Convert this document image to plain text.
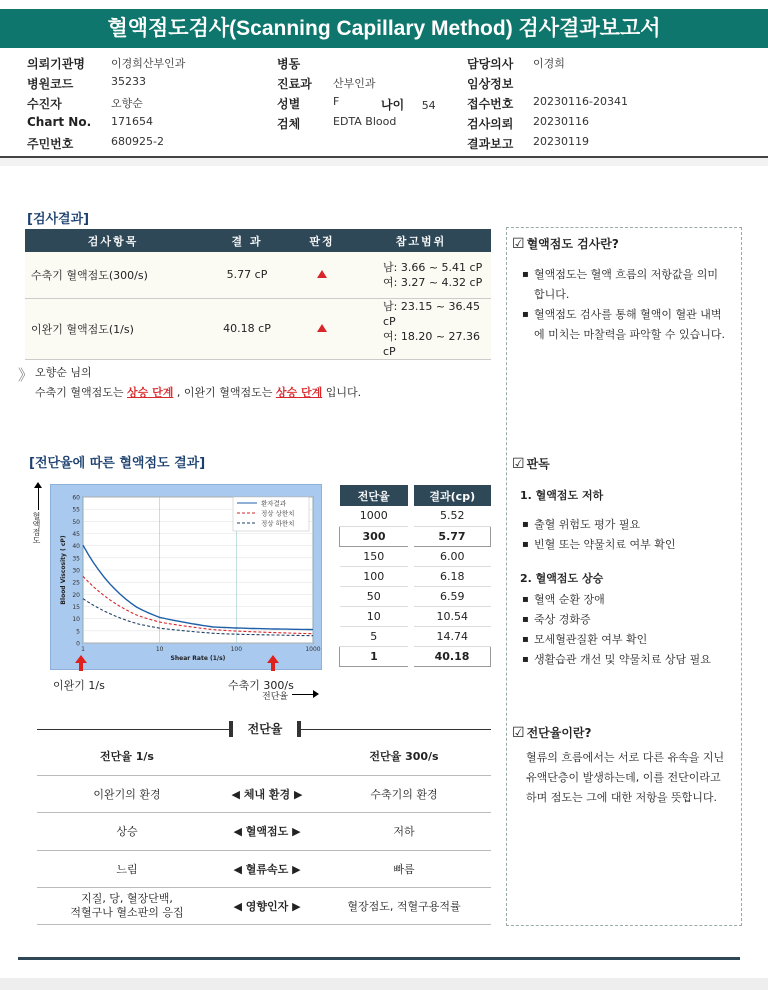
혈액점도검사(Scanning Capillary Method) 검사결과보고서
의뢰기관명	이경희산부인과
병원코드	35233
수진자	오향순
Chart No.	171654
주민번호	680925-2
병동
진료과	산부인과
성별	F
검체	EDTA Blood
나이 54
담당의사	이경희
임상정보
접수번호	20230116-20341
검사의뢰	20230116
결과보고	20230119
[검사결과]
검사항목	결 과	판정	참고범위
수축기 혈액점도(300/s)	5.77 cP		남: 3.66 ~ 5.41 cP
여: 3.27 ~ 4.32 cP

이완기 혈액점도(1/s)	40.18 cP		남: 23.15 ~ 36.45 cP
여: 18.20 ~ 27.36 cP
》 오향순 님의
수축기 혈액점도는 상승 단계 , 이완기 혈액점도는 상승 단계 입니다.
[전단율에 따른 혈액점도 결과]
혈액점도
0
5
10
15
20
25
30
35
40
45
50
55
60
1	10	100	1000
Shear Rate (1/s)
Blood Viscosity ( cP)
환자결과
정상 상한치
정상 하한치
이완기 1/s	수축기 300/s
전단율
전단율	결과(cp)
1000	5.52
300	5.77
150	6.00
100	6.18
50	6.59
10	10.54
5	14.74
1	40.18
전단율
전단율 1/s	전단율 300/s
이완기의 환경	◀ 체내 환경 ▶	수축기의 환경
상승	◀ 혈액점도 ▶	저하
느림	◀ 혈류속도 ▶	빠름
지질, 당, 혈장단백,
적혈구나 혈소판의 응집	◀ 영향인자 ▶	혈장점도, 적혈구용적률
☑ 혈액점도 검사란?
▪ 혈액점도는 혈액 흐름의 저항값을 의미합니다.
▪ 혈액점도 검사를 통해 혈액이 혈관 내벽에 미치는 마찰력을 파악할 수 있습니다.
☑ 판독
1. 혈액점도 저하
▪ 출혈 위험도 평가 필요
▪ 빈혈 또는 약물치료 여부 확인
2. 혈액점도 상승
▪ 혈액 순환 장애
▪ 죽상 경화증
▪ 모세혈관질환 여부 확인
▪ 생활습관 개선 및 약물치료 상담 필요
☑ 전단율이란?
혈류의 흐름에서는 서로 다른 유속을 지닌 유액단층이 발생하는데, 이를 전단이라고 하며 점도는 그에 대한 저항을 뜻합니다.
